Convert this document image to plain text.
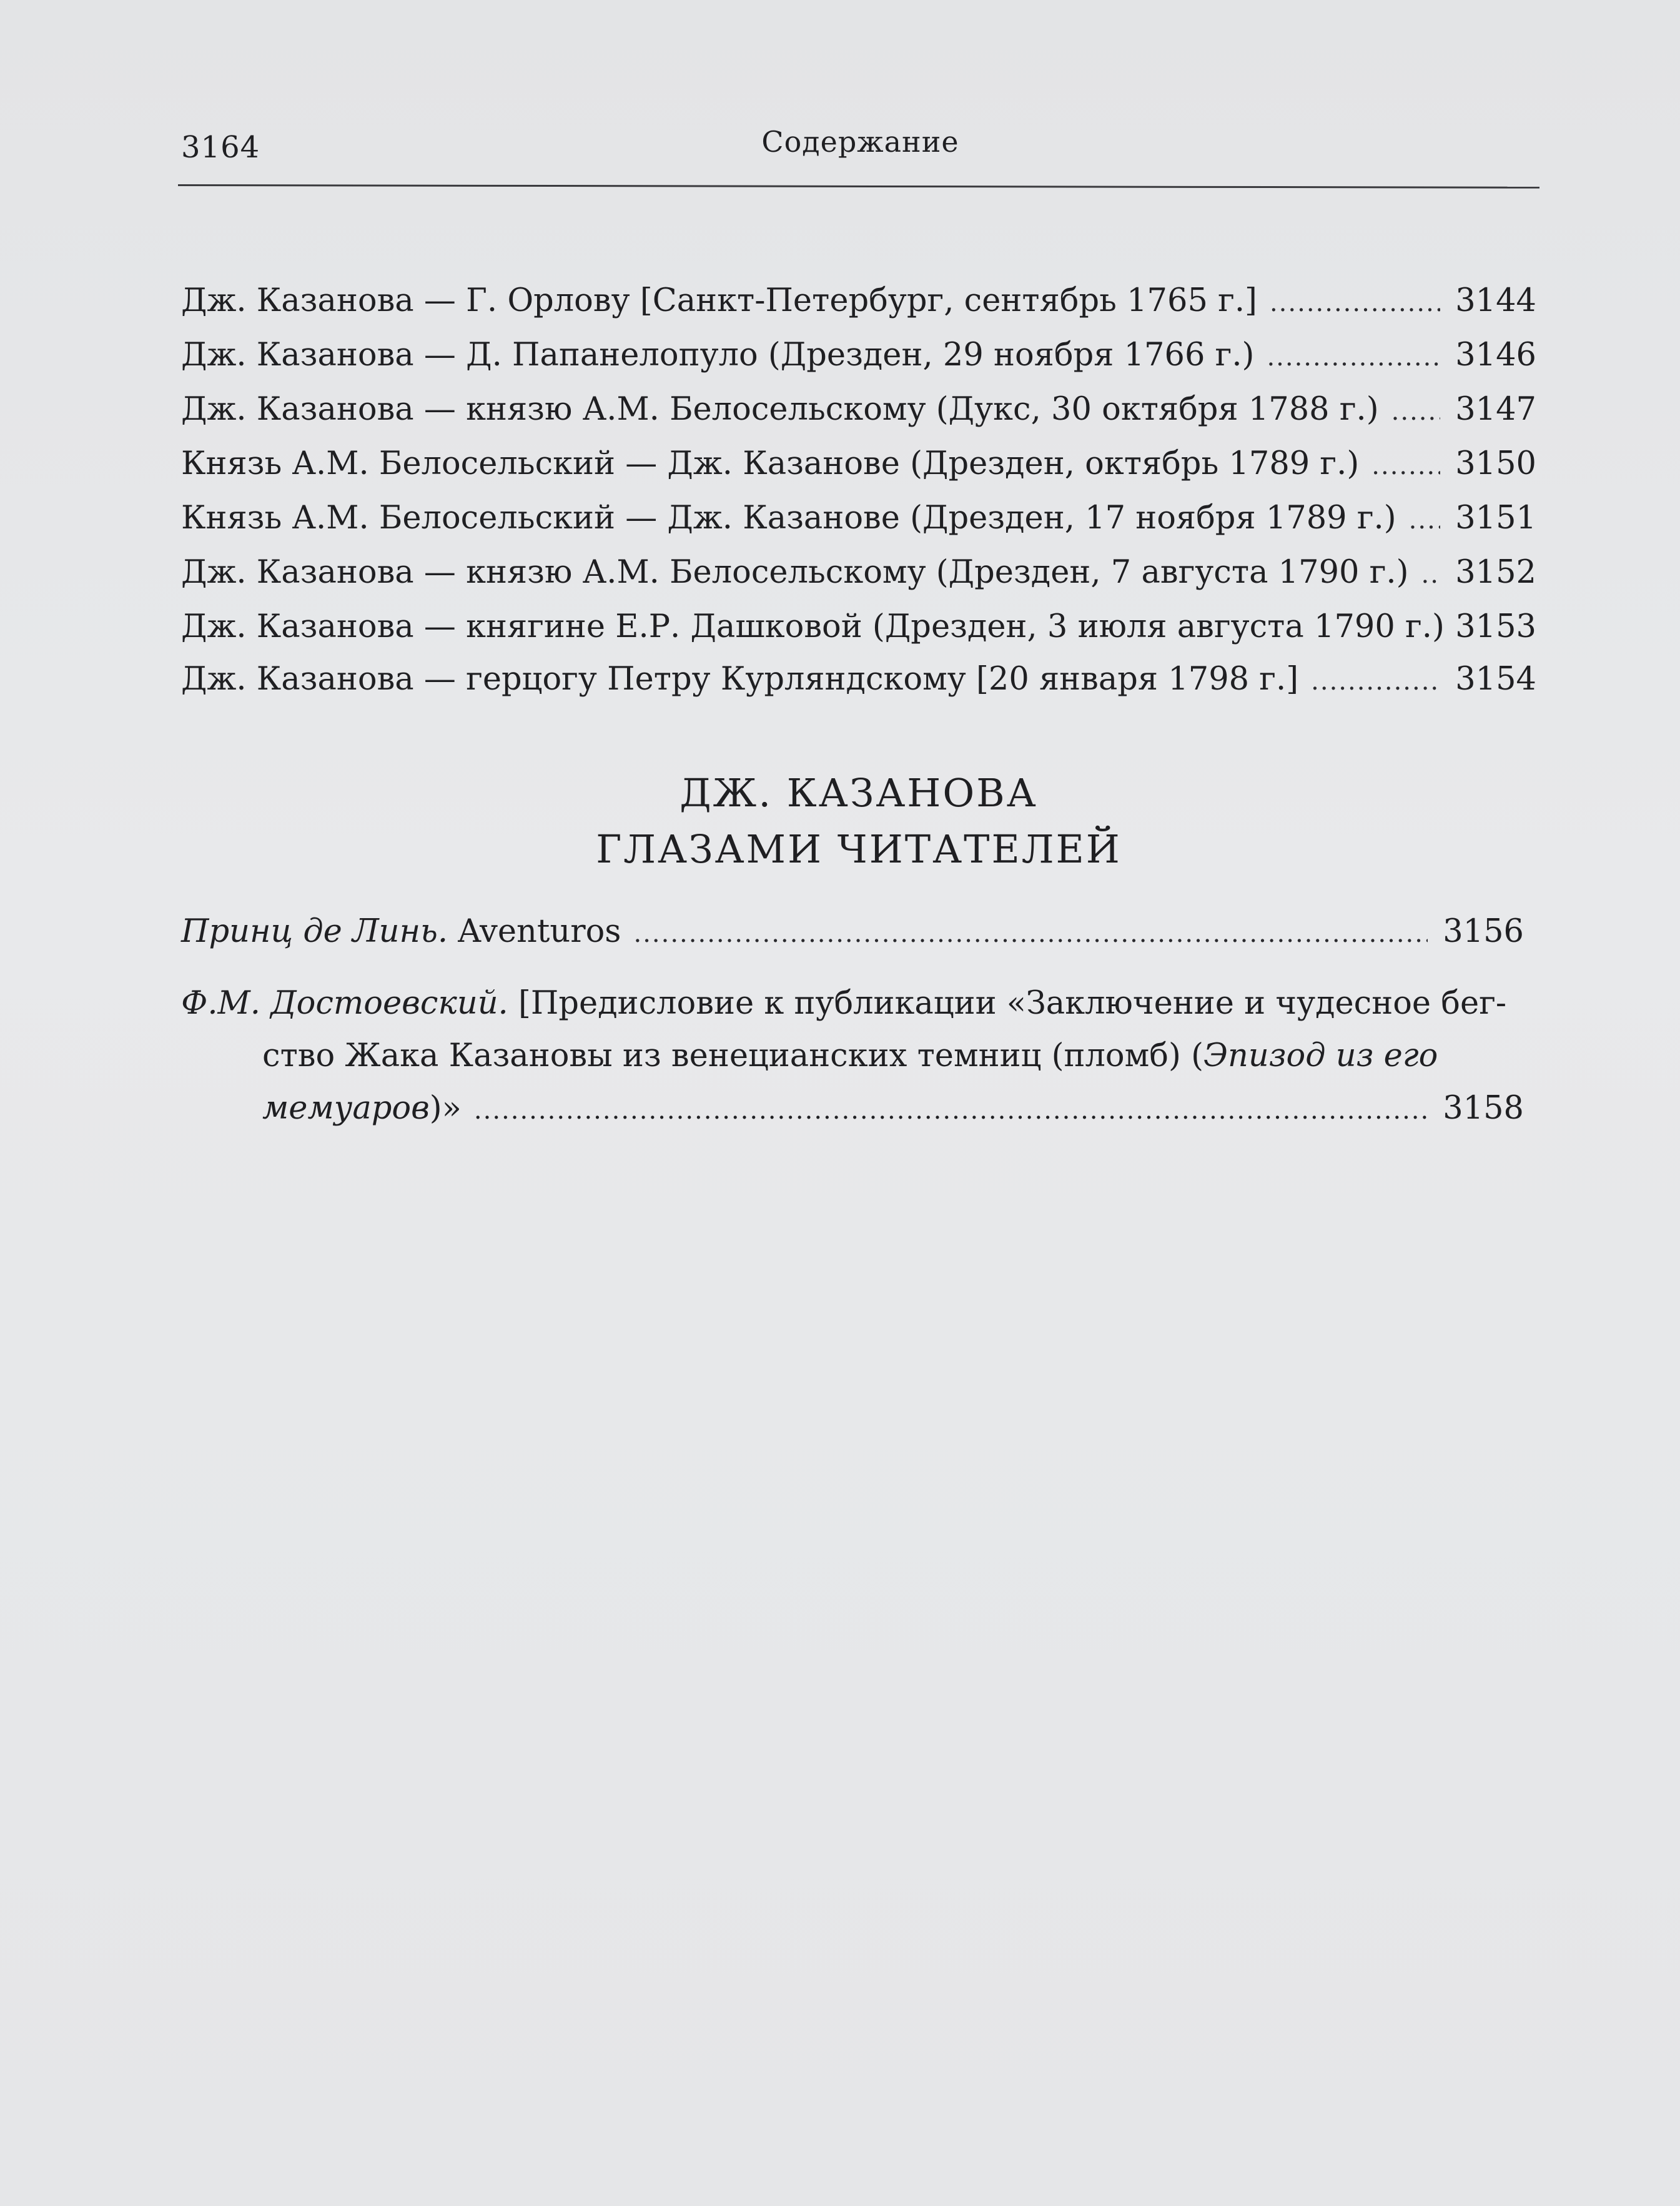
3164	Содержание
Дж. Казанова — Г. Орлову [Санкт-Петербург, сентябрь 1765 г.] .....	3144
Дж. Казанова — Д. Папанелопуло (Дрезден, 29 ноября 1766 г.) .....	3146
Дж. Казанова — князю А.М. Белосельскому (Дукс, 30 октября 1788 г.) ..... 3147
Князь А.М. Белосельский — Дж. Казанове (Дрезден, октябрь 1789 г.) .....	3150
Князь А.М. Белосельский — Дж. Казанове (Дрезден, 17 ноября 1789 г.) ..... 3151
Дж. Казанова — князю А.М. Белосельскому (Дрезден, 7 августа 1790 г.) ..... 3152
Дж. Казанова — княгине Е.Р. Дашковой (Дрезден, 3 июля августа 1790 г.) 3153
Дж. Казанова — герцогу Петру Курляндскому [20 января 1798 г.] .....	3154
ДЖ. КАЗАНОВА
ГЛАЗАМИ ЧИТАТЕЛЕЙ
Принц де Линь. Aventuros .....	3156
Ф.М. Достоевский. [Предисловие к публикации «Заключение и чудесное бег-
ство Жака Казановы из венецианских темниц (пломб) (Эпизод из его
мемуаров)» .....	3158
